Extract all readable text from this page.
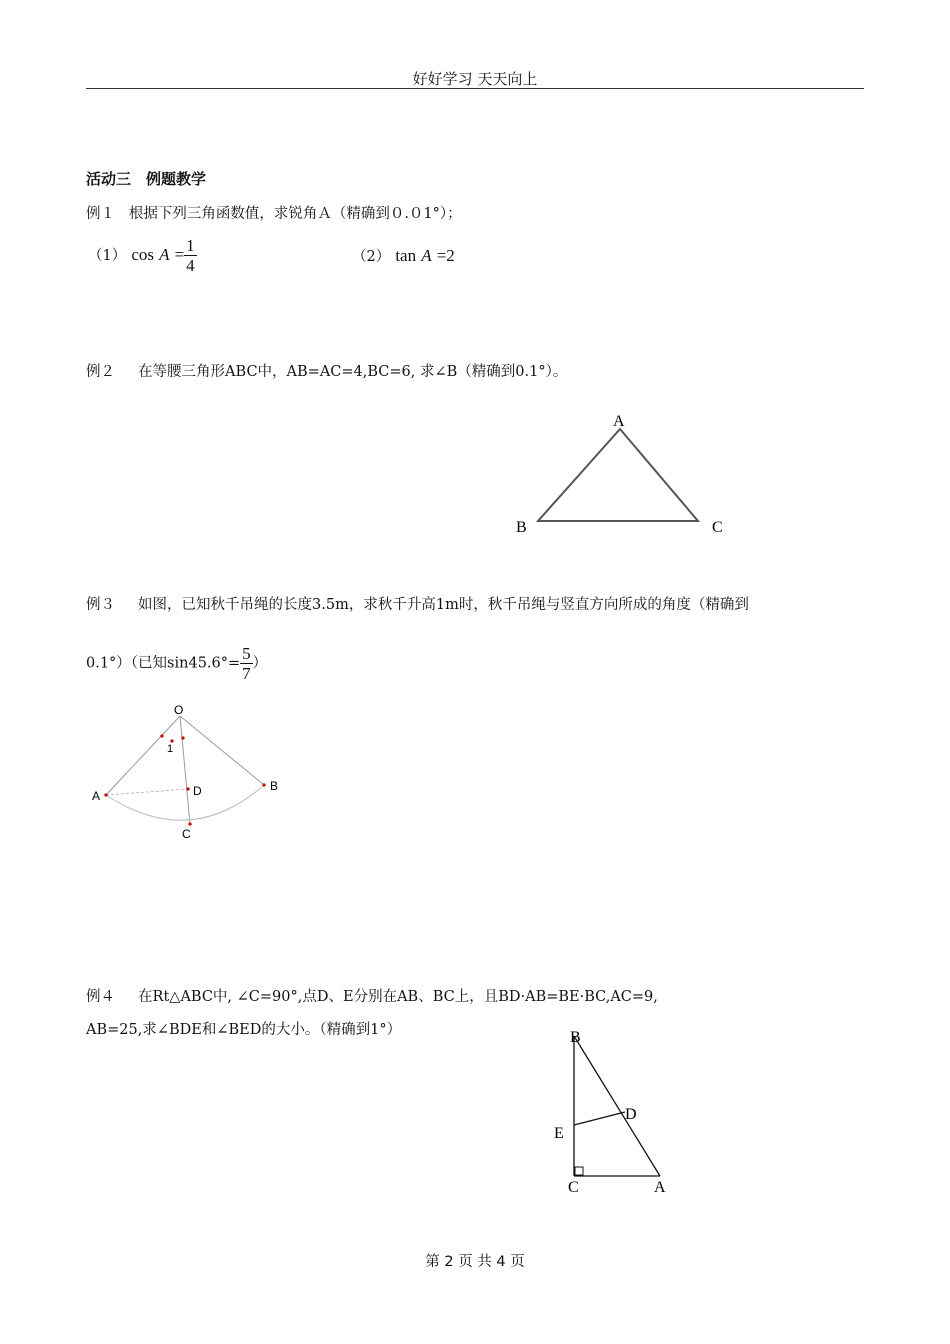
好好学习 天天向上
活动三　例题教学
例１ 根据下列三角函数值，求锐角Ａ（精确到０.０1°）；
（1） $\cos A = \frac{1}{4}$	（2） tan A =2
例２ 在等腰三角形ABC中，AB=AC=4,BC=6, 求∠B（精确到0.1°）。
A
B	C
例３ 如图，已知秋千吊绳的长度3.5m，求秋千升高1m时，秋千吊绳与竖直方向所成的角度（精确到
0.1°）（已知$\sin 45.6^\circ= \frac{5}{7}$ ）
O
1
A	D	B
C
例４ 在Rt△ABC中, ∠C=90°,点D、E分别在AB、BC上，且BD·AB=BE·BC,AC=9,
AB=25,求∠BDE和∠BED的大小。（精确到1°）	B
D
E
C	A
第 2 页 共 4 页
